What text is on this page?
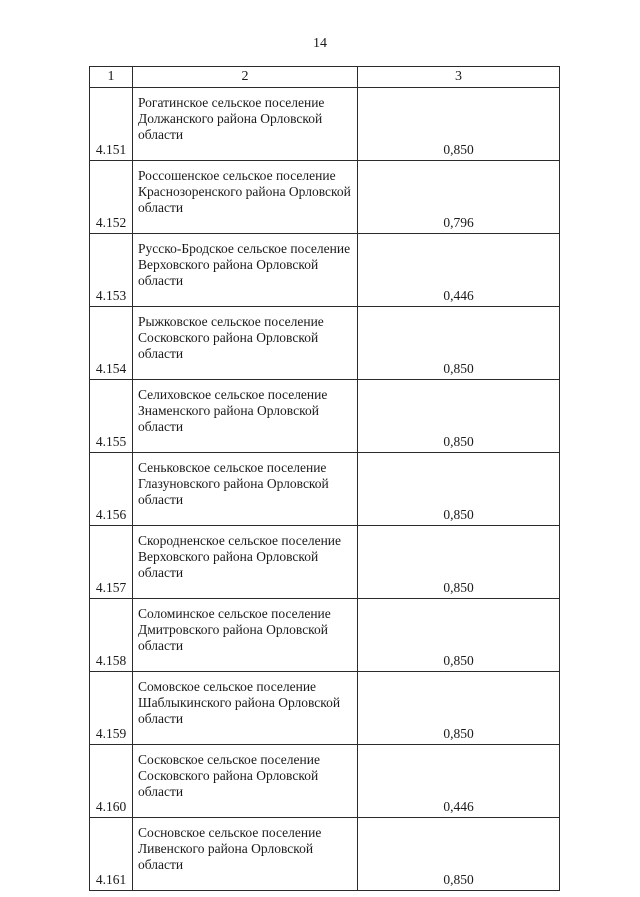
14
1	2	3
4.151	Рогатинское сельское поселение Должанского района Орловской области	0,850
4.152	Россошенское сельское поселение Краснозоренского района Орловской области	0,796
4.153	Русско-Бродское сельское поселение Верховского района Орловской области	0,446
4.154	Рыжковское сельское поселение Сосковского района Орловской области	0,850
4.155	Селиховское сельское поселение Знаменского района Орловской области	0,850
4.156	Сеньковское сельское поселение Глазуновского района Орловской области	0,850
4.157	Скородненское сельское поселение Верховского района Орловской области	0,850
4.158	Соломинское сельское поселение Дмитровского района Орловской области	0,850
4.159	Сомовское сельское поселение Шаблыкинского района Орловской области	0,850
4.160	Сосковское сельское поселение Сосковского района Орловской области	0,446
4.161	Сосновское сельское поселение Ливенского района Орловской области	0,850
